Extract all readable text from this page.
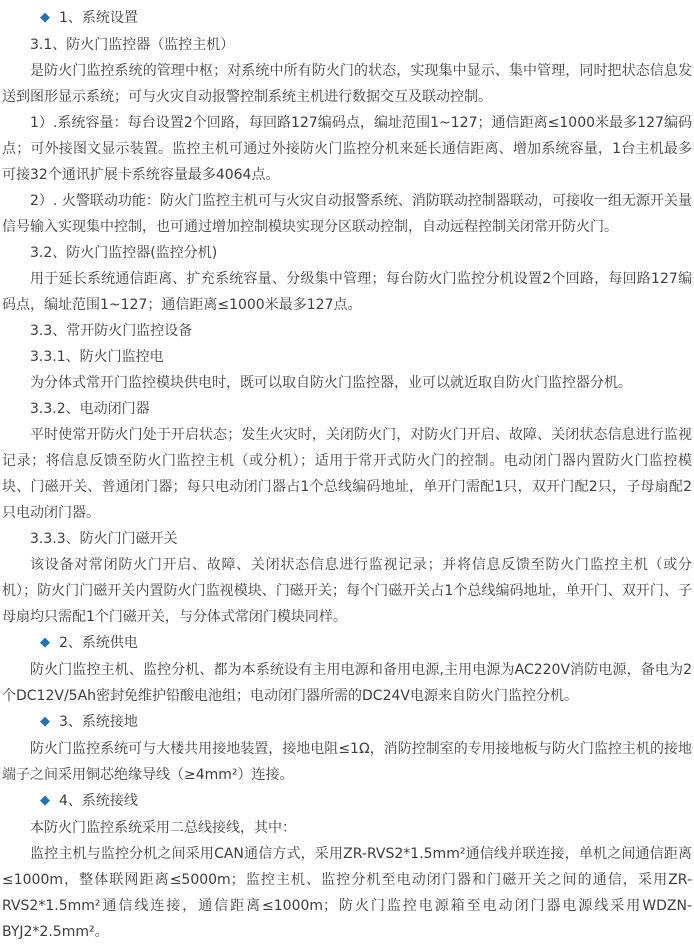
◆ 1、系统设置
3.1、防火门监控器（监控主机）
是防火门监控系统的管理中枢；对系统中所有防火门的状态，实现集中显示、集中管理，同时把状态信息发送到图形显示系统；可与火灾自动报警控制系统主机进行数据交互及联动控制。
1）.系统容量：每台设置2个回路，每回路127编码点，编址范围1~127；通信距离≤1000米最多127编码点；可外接图文显示装置。监控主机可通过外接防火门监控分机来延长通信距离、增加系统容量，1台主机最多可接32个通讯扩展卡系统容量最多4064点。
2）. 火警联动功能：防火门监控主机可与火灾自动报警系统、消防联动控制器联动，可接收一组无源开关量信号输入实现集中控制，也可通过增加控制模块实现分区联动控制，自动远程控制关闭常开防火门。
3.2、防火门监控器(监控分机)
用于延长系统通信距离、扩充系统容量、分级集中管理；每台防火门监控分机设置2个回路，每回路127编码点，编址范围1~127；通信距离≤1000米最多127点。
3.3、常开防火门监控设备
3.3.1、防火门监控电
为分体式常开门监控模块供电时，既可以取自防火门监控器，业可以就近取自防火门监控器分机。
3.3.2、电动闭门器
平时使常开防火门处于开启状态；发生火灾时，关闭防火门，对防火门开启、故障、关闭状态信息进行监视记录；将信息反馈至防火门监控主机（或分机）；适用于常开式防火门的控制。电动闭门器内置防火门监控模块、门磁开关、普通闭门器；每只电动闭门器占1个总线编码地址，单开门需配1只，双开门配2只，子母扇配2只电动闭门器。
3.3.3、防火门门磁开关
该设备对常闭防火门开启、故障、关闭状态信息进行监视记录；并将信息反馈至防火门监控主机（或分机）；防火门门磁开关内置防火门监视模块、门磁开关；每个门磁开关占1个总线编码地址，单开门、双开门、子母扇均只需配1个门磁开关，与分体式常闭门模块同样。
◆ 2、系统供电
防火门监控主机、监控分机、都为本系统设有主用电源和备用电源,主用电源为AC220V消防电源，备电为2个DC12V/5Ah密封免维护铅酸电池组；电动闭门器所需的DC24V电源来自防火门监控分机。
◆ 3、系统接地
防火门监控系统可与大楼共用接地装置，接地电阻≤1Ω，消防控制室的专用接地板与防火门监控主机的接地端子之间采用铜芯绝缘导线（≥4mm²）连接。
◆ 4、系统接线
本防火门监控系统采用二总线接线，其中：
监控主机与监控分机之间采用CAN通信方式，采用ZR-RVS2*1.5mm²通信线并联连接，单机之间通信距离≤1000m，整体联网距离≤5000m；监控主机、监控分机至电动闭门器和门磁开关之间的通信，采用ZR-RVS2*1.5mm²通信线连接，通信距离≤1000m；防火门监控电源箱至电动闭门器电源线采用WDZN-BYJ2*2.5mm²。
